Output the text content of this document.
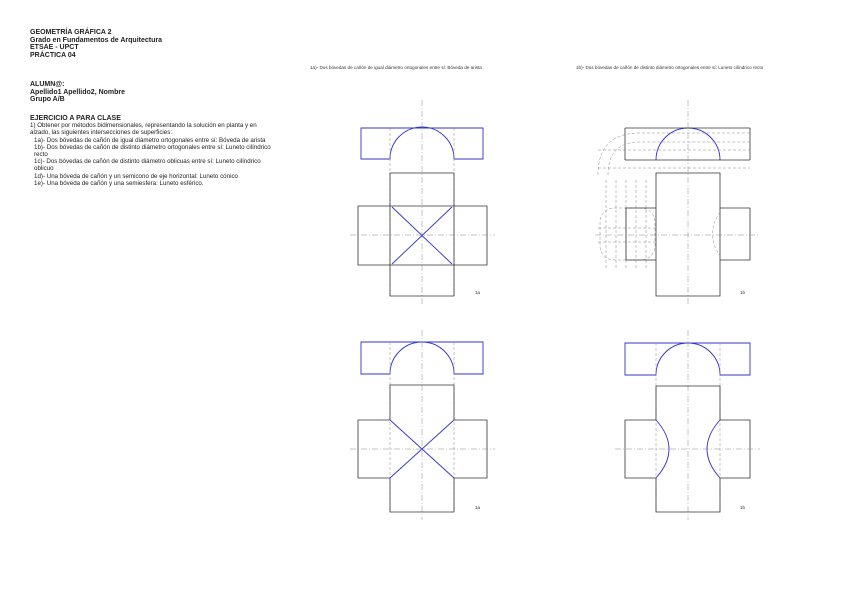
GEOMETRÍA GRÁFICA 2
Grado en Fundamentos de Arquitectura
ETSAE - UPCT
PRÁCTICA 04
ALUMN@:
Apellido1 Apellido2, Nombre
Grupo A/B
EJERCICIO A PARA CLASE
1) Obtener por métodos bidimensionales, representando la solución en planta y en alzado, las siguientes intersecciones de superficies:
1a)- Dos bóvedas de cañón de igual diámetro ortogonales entre sí: Bóveda de arista
1b)- Dos bóvedas de cañón de distinto diámetro ortogonales entre sí: Luneto cilíndrico recto
1c)- Dos bóvedas de cañón de distinto diámetro oblicuas entre sí: Luneto cilíndrico oblicuo
1d)- Una bóveda de cañón y un semicono de eje horizontal: Luneto cónico
1e)- Una bóveda de cañón y una semiesfera: Luneto esférico.
1a)- Dos bóvedas de cañón de igual diámetro ortogonales entre sí: Bóveda de arista	1b)- Dos bóvedas de cañón de distinto diámetro ortogonales entre sí: Luneto cilíndrico recto
1a	1b
1a	1b
